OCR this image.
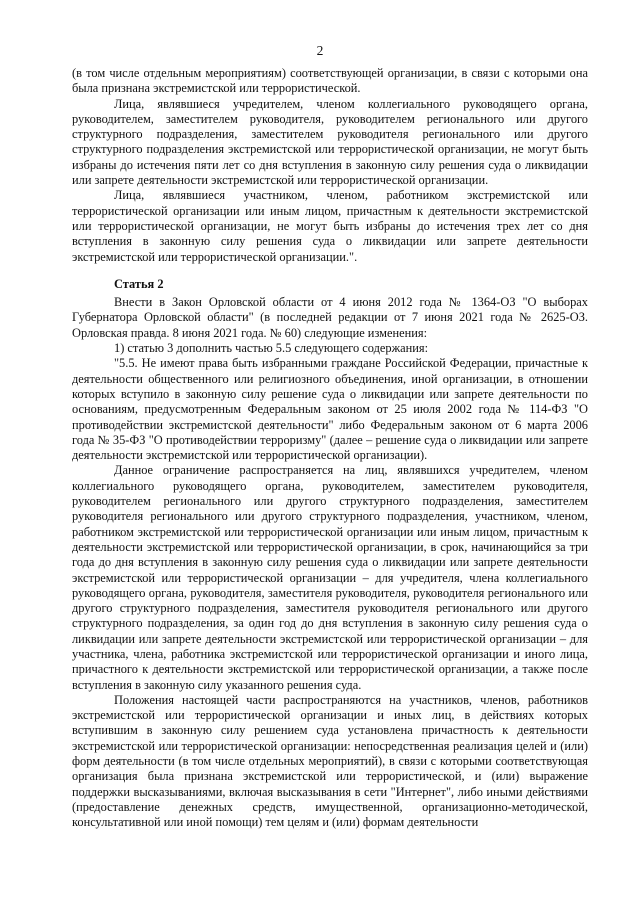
2

(в том числе отдельным мероприятиям) соответствующей организации, в связи с которыми она была признана экстремистской или террористической.

Лица, являвшиеся учредителем, членом коллегиального руководящего органа, руководителем, заместителем руководителя, руководителем регионального или другого структурного подразделения, заместителем руководителя регионального или другого структурного подразделения экстремистской или террористической организации, не могут быть избраны до истечения пяти лет со дня вступления в законную силу решения суда о ликвидации или запрете деятельности экстремистской или террористической организации.

Лица, являвшиеся участником, членом, работником экстремистской или террористической организации или иным лицом, причастным к деятельности экстремистской или террористической организации, не могут быть избраны до истечения трех лет со дня вступления в законную силу решения суда о ликвидации или запрете деятельности экстремистской или террористической организации.".

Статья 2

Внести в Закон Орловской области от 4 июня 2012 года № 1364-ОЗ "О выборах Губернатора Орловской области" (в последней редакции от 7 июня 2021 года № 2625-ОЗ. Орловская правда. 8 июня 2021 года. № 60) следующие изменения:

1) статью 3 дополнить частью 5.5 следующего содержания:

"5.5. Не имеют права быть избранными граждане Российской Федерации, причастные к деятельности общественного или религиозного объединения, иной организации, в отношении которых вступило в законную силу решение суда о ликвидации или запрете деятельности по основаниям, предусмотренным Федеральным законом от 25 июля 2002 года № 114-ФЗ "О противодействии экстремистской деятельности" либо Федеральным законом от 6 марта 2006 года № 35-ФЗ "О противодействии терроризму" (далее – решение суда о ликвидации или запрете деятельности экстремистской или террористической организации).

Данное ограничение распространяется на лиц, являвшихся учредителем, членом коллегиального руководящего органа, руководителем, заместителем руководителя, руководителем регионального или другого структурного подразделения, заместителем руководителя регионального или другого структурного подразделения, участником, членом, работником экстремистской или террористической организации или иным лицом, причастным к деятельности экстремистской или террористической организации, в срок, начинающийся за три года до дня вступления в законную силу решения суда о ликвидации или запрете деятельности экстремистской или террористической организации – для учредителя, члена коллегиального руководящего органа, руководителя, заместителя руководителя, руководителя регионального или другого структурного подразделения, заместителя руководителя регионального или другого структурного подразделения, за один год до дня вступления в законную силу решения суда о ликвидации или запрете деятельности экстремистской или террористической организации – для участника, члена, работника экстремистской или террористической организации и иного лица, причастного к деятельности экстремистской или террористической организации, а также после вступления в законную силу указанного решения суда.

Положения настоящей части распространяются на участников, членов, работников экстремистской или террористической организации и иных лиц, в действиях которых вступившим в законную силу решением суда установлена причастность к деятельности экстремистской или террористической организации: непосредственная реализация целей и (или) форм деятельности (в том числе отдельных мероприятий), в связи с которыми соответствующая организация была признана экстремистской или террористической, и (или) выражение поддержки высказываниями, включая высказывания в сети "Интернет", либо иными действиями (предоставление денежных средств, имущественной, организационно-методической, консультативной или иной помощи) тем целям и (или) формам деятельности
